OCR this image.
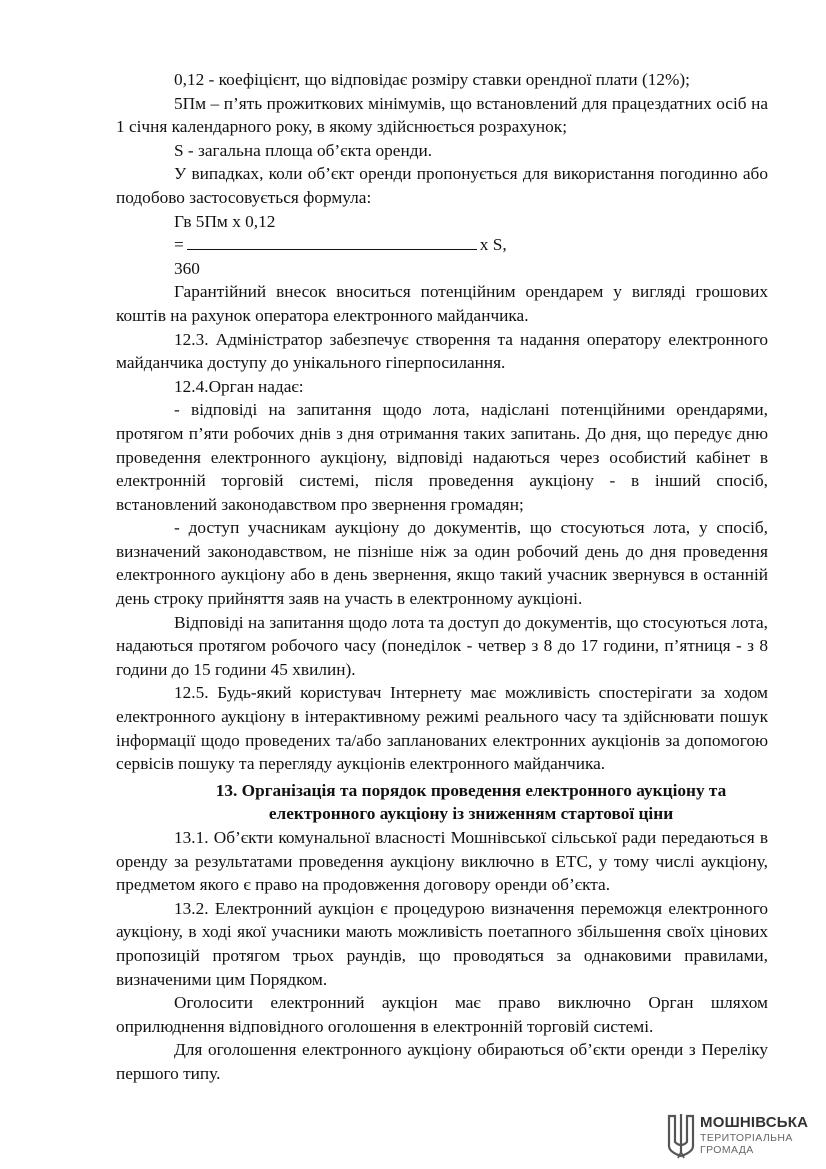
0,12 - коефіцієнт, що відповідає розміру ставки орендної плати (12%);

5Пм – п’ять прожиткових мінімумів, що встановлений для працездатних осіб на 1 січня календарного року, в якому здійснюється розрахунок;

S - загальна площа об’єкта оренди.

У випадках, коли об’єкт оренди пропонується для використання погодинно або подобово застосовується формула:

Гв 5Пм х 0,12

=	х S,

360

Гарантійний внесок вноситься потенційним орендарем у вигляді грошових коштів на рахунок оператора електронного майданчика.

12.3. Адміністратор забезпечує створення та надання оператору електронного майданчика доступу до унікального гіперпосилання.

12.4.Орган надає:

- відповіді на запитання щодо лота, надіслані потенційними орендарями, протягом п’яти робочих днів з дня отримання таких запитань. До дня, що передує дню проведення електронного аукціону, відповіді надаються через особистий кабінет в електронній торговій системі, після проведення аукціону - в інший спосіб, встановлений законодавством про звернення громадян;

- доступ учасникам аукціону до документів, що стосуються лота, у спосіб, визначений законодавством, не пізніше ніж за один робочий день до дня проведення електронного аукціону або в день звернення, якщо такий учасник звернувся в останній день строку прийняття заяв на участь в електронному аукціоні.

Відповіді на запитання щодо лота та доступ до документів, що стосуються лота, надаються протягом робочого часу (понеділок - четвер з 8 до 17 години, п’ятниця - з 8 години до 15 години 45 хвилин).

12.5. Будь-який користувач Інтернету має можливість спостерігати за ходом електронного аукціону в інтерактивному режимі реального часу та здійснювати пошук інформації щодо проведених та/або запланованих електронних аукціонів за допомогою сервісів пошуку та перегляду аукціонів електронного майданчика.

13. Організація та порядок проведення електронного аукціону та
електронного аукціону із зниженням стартової ціни

13.1. Об’єкти комунальної власності Мошнівської сільської ради передаються в оренду за результатами проведення аукціону виключно в ЕТС, у тому числі аукціону, предметом якого є право на продовження договору оренди об’єкта.

13.2. Електронний аукціон є процедурою визначення переможця електронного аукціону, в ході якої учасники мають можливість поетапного збільшення своїх цінових пропозицій протягом трьох раундів, що проводяться за однаковими правилами, визначеними цим Порядком.

Оголосити електронний аукціон має право виключно Орган шляхом оприлюднення відповідного оголошення в електронній торговій системі.

Для оголошення електронного аукціону обираються об’єкти оренди з Переліку першого типу.

МОШНІВСЬКА
ТЕРИТОРІАЛЬНА
ГРОМАДА
